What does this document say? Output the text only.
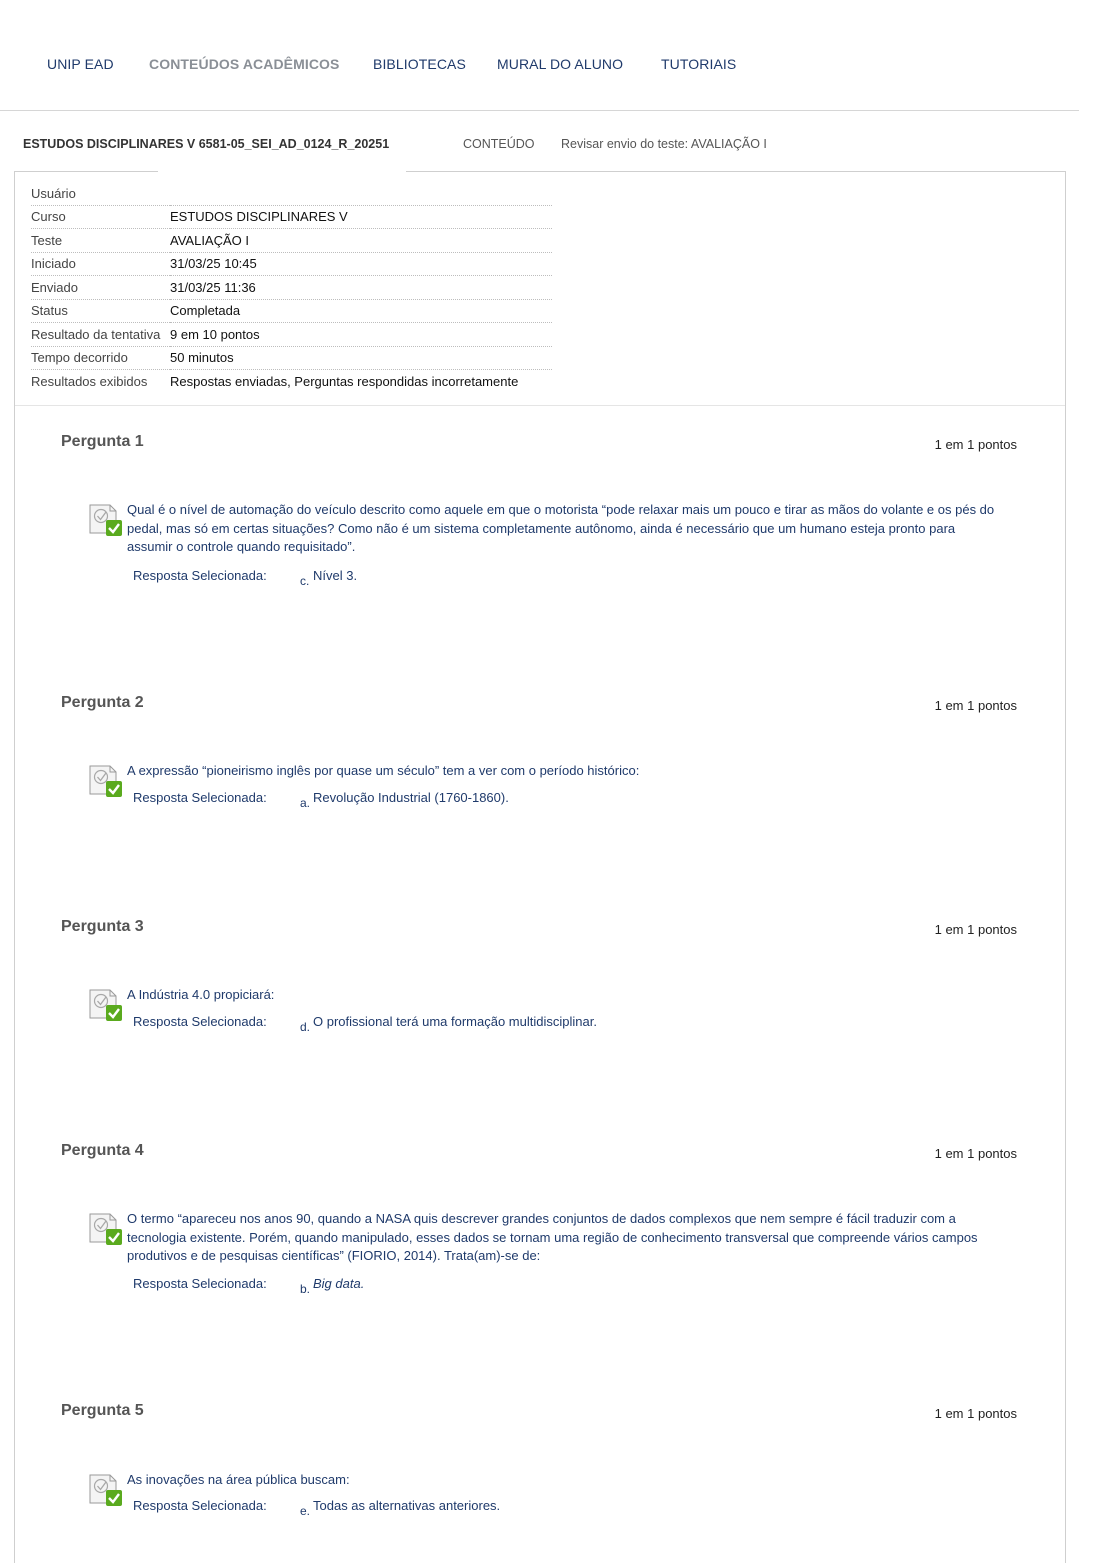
UNIP EAD	CONTEÚDOS ACADÊMICOS BIBLIOTECAS MURAL DO ALUNO	TUTORIAIS
ESTUDOS DISCIPLINARES V 6581-05_SEI_AD_0124_R_20251	CONTEÚDO Revisar envio do teste: AVALIAÇÃO I
Usuário	
Curso	ESTUDOS DISCIPLINARES V
Teste	AVALIAÇÃO I
Iniciado	31/03/25 10:45
Enviado	31/03/25 11:36
Status	Completada
Resultado da tentativa	9 em 10 pontos
Tempo decorrido	50 minutos
Resultados exibidos	Respostas enviadas, Perguntas respondidas incorretamente
Pergunta 1	1 em 1 pontos
Qual é o nível de automação do veículo descrito como aquele em que o motorista “pode relaxar mais um pouco e tirar as mãos do volante e os pés do pedal, mas só em certas situações? Como não é um sistema completamente autônomo, ainda é necessário que um humano esteja pronto para assumir o controle quando requisitado”.
Resposta Selecionada:	c. Nível 3.
Pergunta 2	1 em 1 pontos
A expressão “pioneirismo inglês por quase um século” tem a ver com o período histórico:
Resposta Selecionada:	a. Revolução Industrial (1760-1860).
Pergunta 3	1 em 1 pontos
A Indústria 4.0 propiciará:
Resposta Selecionada:	d. O profissional terá uma formação multidisciplinar.
Pergunta 4	1 em 1 pontos
O termo “apareceu nos anos 90, quando a NASA quis descrever grandes conjuntos de dados complexos que nem sempre é fácil traduzir com a tecnologia existente. Porém, quando manipulado, esses dados se tornam uma região de conhecimento transversal que compreende vários campos produtivos e de pesquisas científicas” (FIORIO, 2014). Trata(am)-se de:
Resposta Selecionada:	b. Big data.
Pergunta 5	1 em 1 pontos
As inovações na área pública buscam:
Resposta Selecionada:	e. Todas as alternativas anteriores.
